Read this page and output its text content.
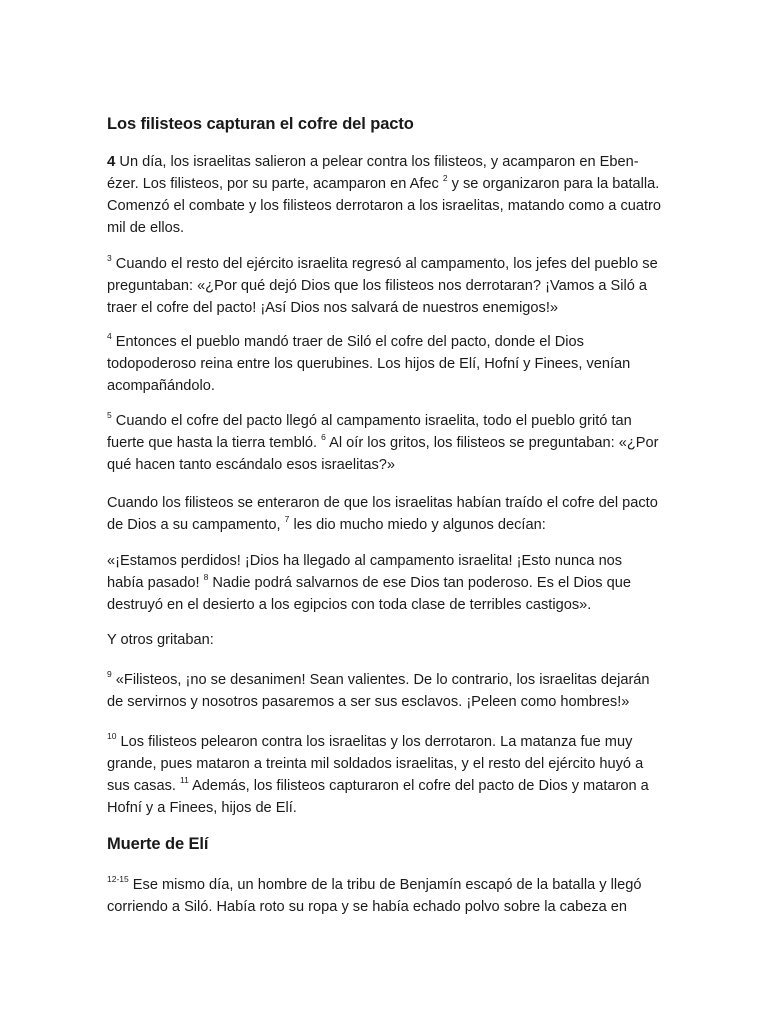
Los filisteos capturan el cofre del pacto

4 Un día, los israelitas salieron a pelear contra los filisteos, y acamparon en Eben-ézer. Los filisteos, por su parte, acamparon en Afec $^2$ y se organizaron para la batalla. Comenzó el combate y los filisteos derrotaron a los israelitas, matando como a cuatro mil de ellos.

$^3$ Cuando el resto del ejército israelita regresó al campamento, los jefes del pueblo se preguntaban: «¿Por qué dejó Dios que los filisteos nos derrotaran? ¡Vamos a Siló a traer el cofre del pacto! ¡Así Dios nos salvará de nuestros enemigos!»

$^4$ Entonces el pueblo mandó traer de Siló el cofre del pacto, donde el Dios todopoderoso reina entre los querubines. Los hijos de Elí, Hofní y Finees, venían acompañándolo.

$^5$ Cuando el cofre del pacto llegó al campamento israelita, todo el pueblo gritó tan fuerte que hasta la tierra tembló. $^6$ Al oír los gritos, los filisteos se preguntaban: «¿Por qué hacen tanto escándalo esos israelitas?»

Cuando los filisteos se enteraron de que los israelitas habían traído el cofre del pacto de Dios a su campamento, $^7$ les dio mucho miedo y algunos decían:

«¡Estamos perdidos! ¡Dios ha llegado al campamento israelita! ¡Esto nunca nos había pasado! $^8$ Nadie podrá salvarnos de ese Dios tan poderoso. Es el Dios que destruyó en el desierto a los egipcios con toda clase de terribles castigos».

Y otros gritaban:

$^9$ «Filisteos, ¡no se desanimen! Sean valientes. De lo contrario, los israelitas dejarán de servirnos y nosotros pasaremos a ser sus esclavos. ¡Peleen como hombres!»

$^{10}$ Los filisteos pelearon contra los israelitas y los derrotaron. La matanza fue muy grande, pues mataron a treinta mil soldados israelitas, y el resto del ejército huyó a sus casas. $^{11}$ Además, los filisteos capturaron el cofre del pacto de Dios y mataron a Hofní y a Finees, hijos de Elí.

Muerte de Elí

$^{12-15}$ Ese mismo día, un hombre de la tribu de Benjamín escapó de la batalla y llegó corriendo a Siló. Había roto su ropa y se había echado polvo sobre la cabeza en
